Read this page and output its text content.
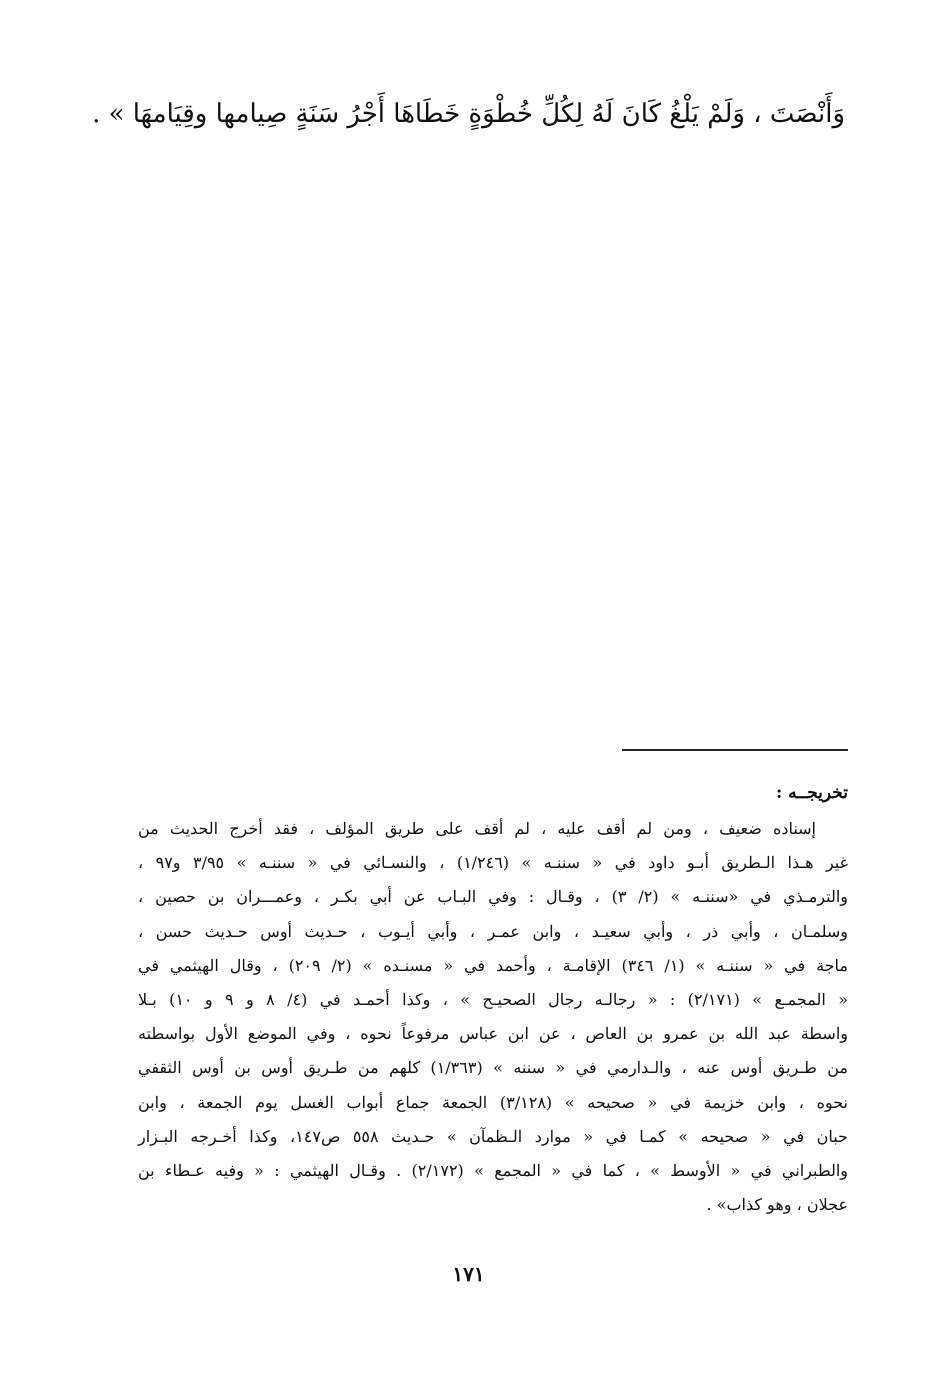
وَأَنْصَتَ ، وَلَمْ يَلْغُ كَانَ لَهُ لِكُلِّ خُطْوَةٍ خَطَاهَا أَجْرُ سَنَةٍ صِيامها وقِيَامهَا » .
تخريجــه :
إسناده ضعيف ، ومن لم أقف عليه ، لم أقف على طريق المؤلف ، فقد أخرج الحديث من
غير هـذا الـطريق أبـو داود في « سننـه » (١/٢٤٦) ، والنسـائي في « سننـه » ٣/٩٥ و٩٧ ،
والترمـذي في «سننـه » (٢/ ٣) ، وقـال : وفي البـاب عن أبي بكـر ، وعمـــران بن حصين ،
وسلمـان ، وأبي ذر ، وأبي سعيـد ، وابن عمـر ، وأبي أيـوب ، حـديث أوس حـديث حسن ،
ماجة في « سننـه » (١/ ٣٤٦) الإقامـة ، وأحمد في « مسنـده » (٢/ ٢٠٩) ، وقال الهيثمي في
« المجمـع » (٢/١٧١) : « رجالـه رجال الصحيـح » ، وكذا أحمـد في (٤/ ٨ و ٩ و ١٠) بـلا
واسطة عبد الله بن عمرو بن العاص ، عن ابن عباس مرفوعاً نحوه ، وفي الموضع الأول بواسطته
من طـريق أوس عنه ، والـدارمي في « سننه » (١/٣٦٣) كلهم من طـريق أوس بن أوس الثقفي
نحوه ، وابن خزيمة في « صحيحه » (٣/١٢٨) الجمعة جماع أبواب الغسل يوم الجمعة ، وابن
حبان في « صحيحه » كمـا في « موارد الـظمآن » حـديث ٥٥٨ ص١٤٧، وكذا أخـرجه البـزار
والطبراني في « الأوسط » ، كما في « المجمع » (٢/١٧٢) . وقـال الهيثمي : « وفيه عـطاء بن
عجلان ، وهو كذاب» .
١٧١
